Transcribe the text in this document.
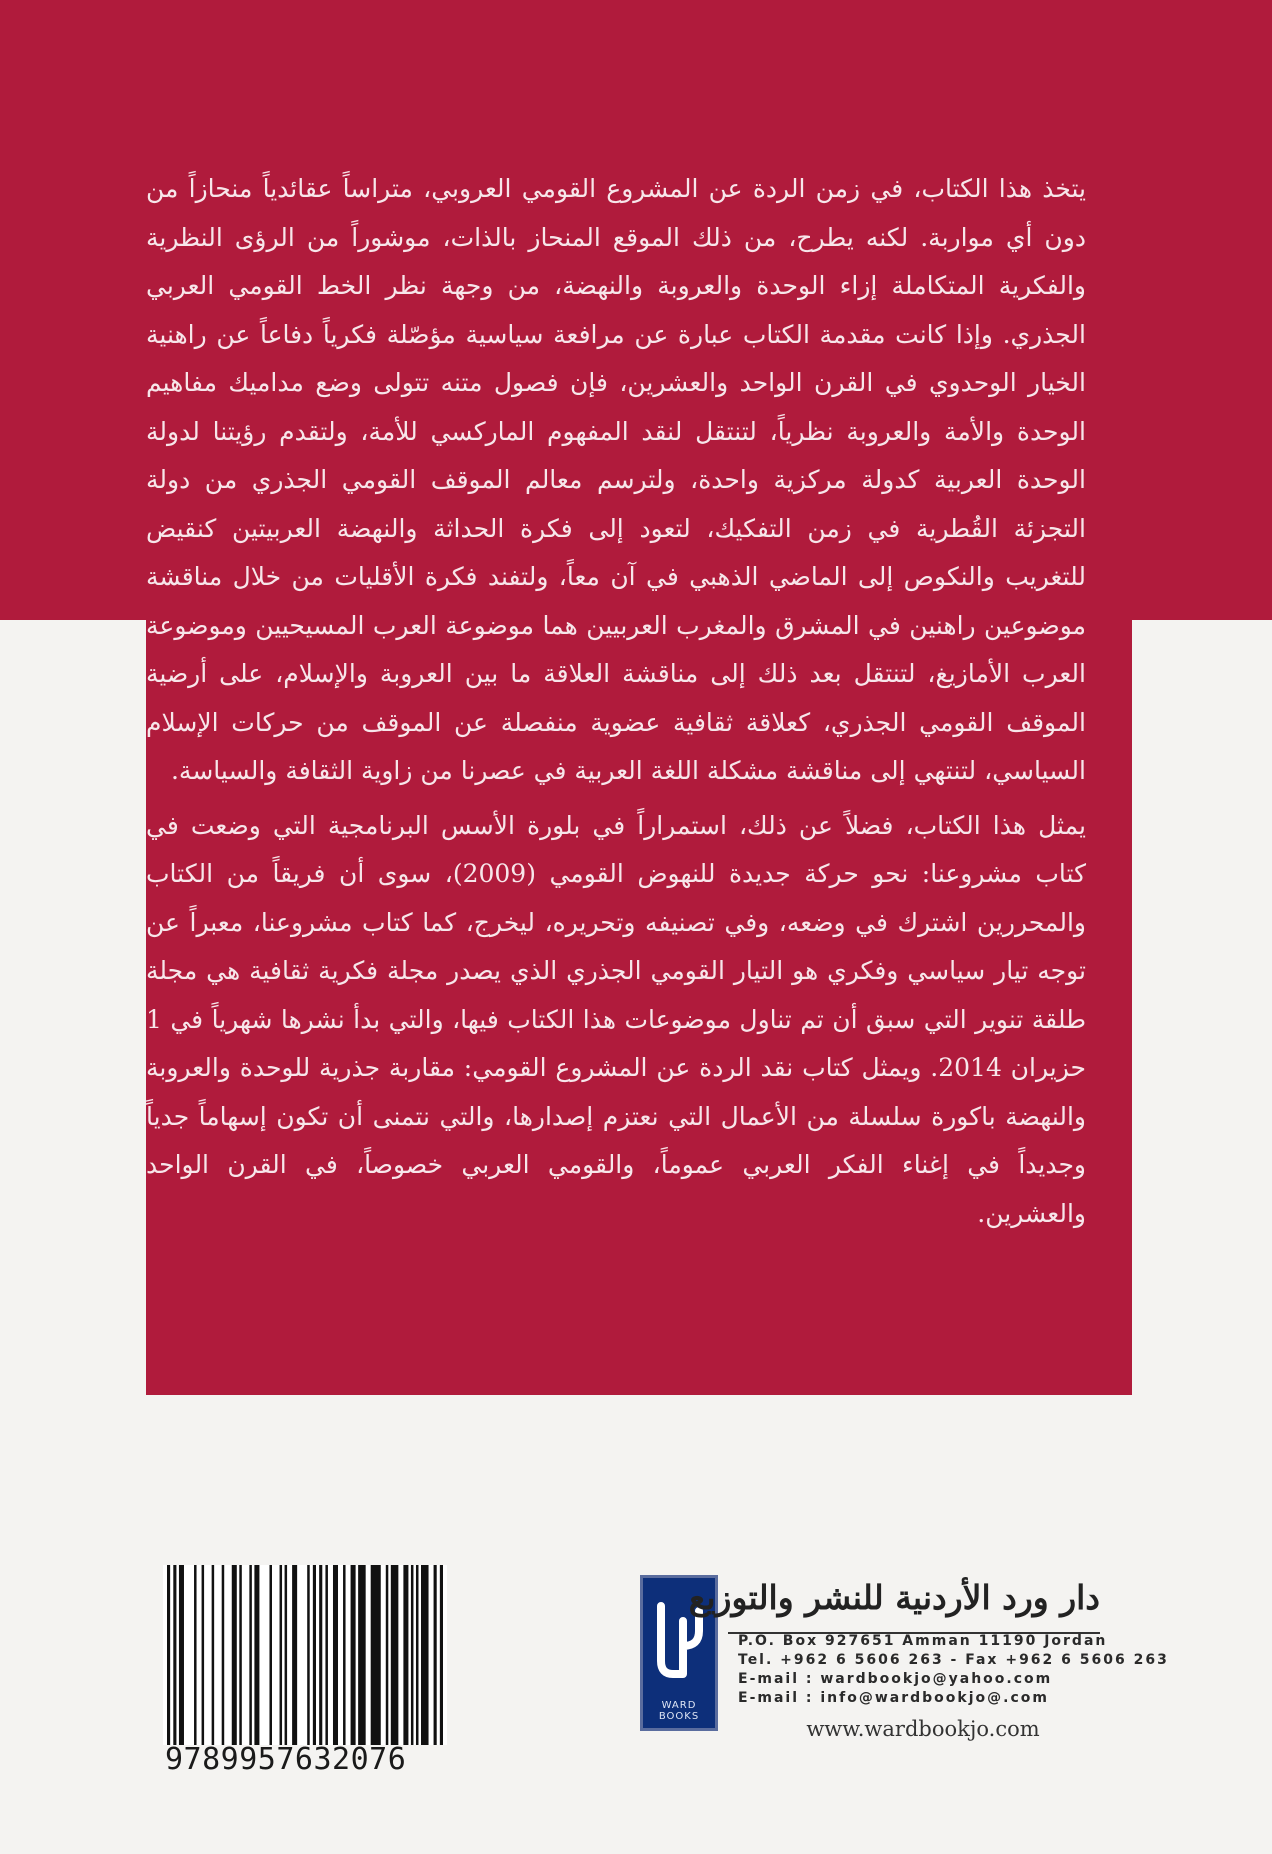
يتخذ هذا الكتاب، في زمن الردة عن المشروع القومي العروبي، متراساً عقائدياً منحازاً من دون أي مواربة. لكنه يطرح، من ذلك الموقع المنحاز بالذات، موشوراً من الرؤى النظرية والفكرية المتكاملة إزاء الوحدة والعروبة والنهضة، من وجهة نظر الخط القومي العربي الجذري. وإذا كانت مقدمة الكتاب عبارة عن مرافعة سياسية مؤصّلة فكرياً دفاعاً عن راهنية الخيار الوحدوي في القرن الواحد والعشرين، فإن فصول متنه تتولى وضع مداميك مفاهيم الوحدة والأمة والعروبة نظرياً، لتنتقل لنقد المفهوم الماركسي للأمة، ولتقدم رؤيتنا لدولة الوحدة العربية كدولة مركزية واحدة، ولترسم معالم الموقف القومي الجذري من دولة التجزئة القُطرية في زمن التفكيك، لتعود إلى فكرة الحداثة والنهضة العربيتين كنقيض للتغريب والنكوص إلى الماضي الذهبي في آن معاً، ولتفند فكرة الأقليات من خلال مناقشة موضوعين راهنين في المشرق والمغرب العربيين هما موضوعة العرب المسيحيين وموضوعة العرب الأمازيغ، لتنتقل بعد ذلك إلى مناقشة العلاقة ما بين العروبة والإسلام، على أرضية الموقف القومي الجذري، كعلاقة ثقافية عضوية منفصلة عن الموقف من حركات الإسلام السياسي، لتنتهي إلى مناقشة مشكلة اللغة العربية في عصرنا من زاوية الثقافة والسياسة.

يمثل هذا الكتاب، فضلاً عن ذلك، استمراراً في بلورة الأسس البرنامجية التي وضعت في كتاب مشروعنا: نحو حركة جديدة للنهوض القومي (2009)، سوى أن فريقاً من الكتاب والمحررين اشترك في وضعه، وفي تصنيفه وتحريره، ليخرج، كما كتاب مشروعنا، معبراً عن توجه تيار سياسي وفكري هو التيار القومي الجذري الذي يصدر مجلة فكرية ثقافية هي مجلة طلقة تنوير التي سبق أن تم تناول موضوعات هذا الكتاب فيها، والتي بدأ نشرها شهرياً في 1 حزيران 2014. ويمثل كتاب نقد الردة عن المشروع القومي: مقاربة جذرية للوحدة والعروبة والنهضة باكورة سلسلة من الأعمال التي نعتزم إصدارها، والتي نتمنى أن تكون إسهاماً جدياً وجديداً في إغناء الفكر العربي عموماً، والقومي العربي خصوصاً، في القرن الواحد والعشرين.

9789957632076
WARD
BOOKS
دار ورد الأردنية للنشر والتوزيع
P.O. Box 927651 Amman 11190 Jordan
Tel. +962 6 5606 263 - Fax +962 6 5606 263
E-mail : wardbookjo@yahoo.com
E-mail : info@wardbookjo@.com
www.wardbookjo.com
